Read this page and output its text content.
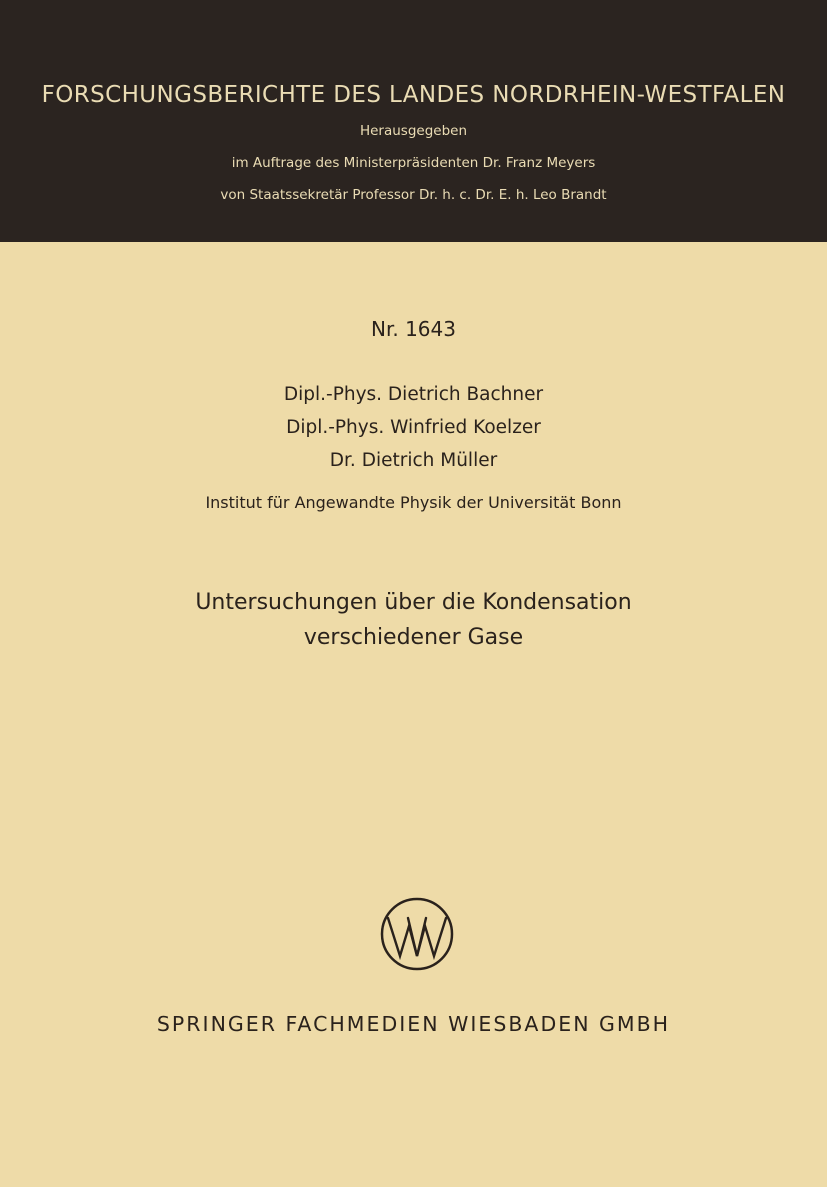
FORSCHUNGSBERICHTE DES LANDES NORDRHEIN-WESTFALEN
Herausgegeben
im Auftrage des Ministerpräsidenten Dr. Franz Meyers
von Staatssekretär Professor Dr. h. c. Dr. E. h. Leo Brandt
Nr. 1643
Dipl.-Phys. Dietrich Bachner
Dipl.-Phys. Winfried Koelzer
Dr. Dietrich Müller
Institut für Angewandte Physik der Universität Bonn
Untersuchungen über die Kondensation
verschiedener Gase
SPRINGER FACHMEDIEN WIESBADEN GMBH
